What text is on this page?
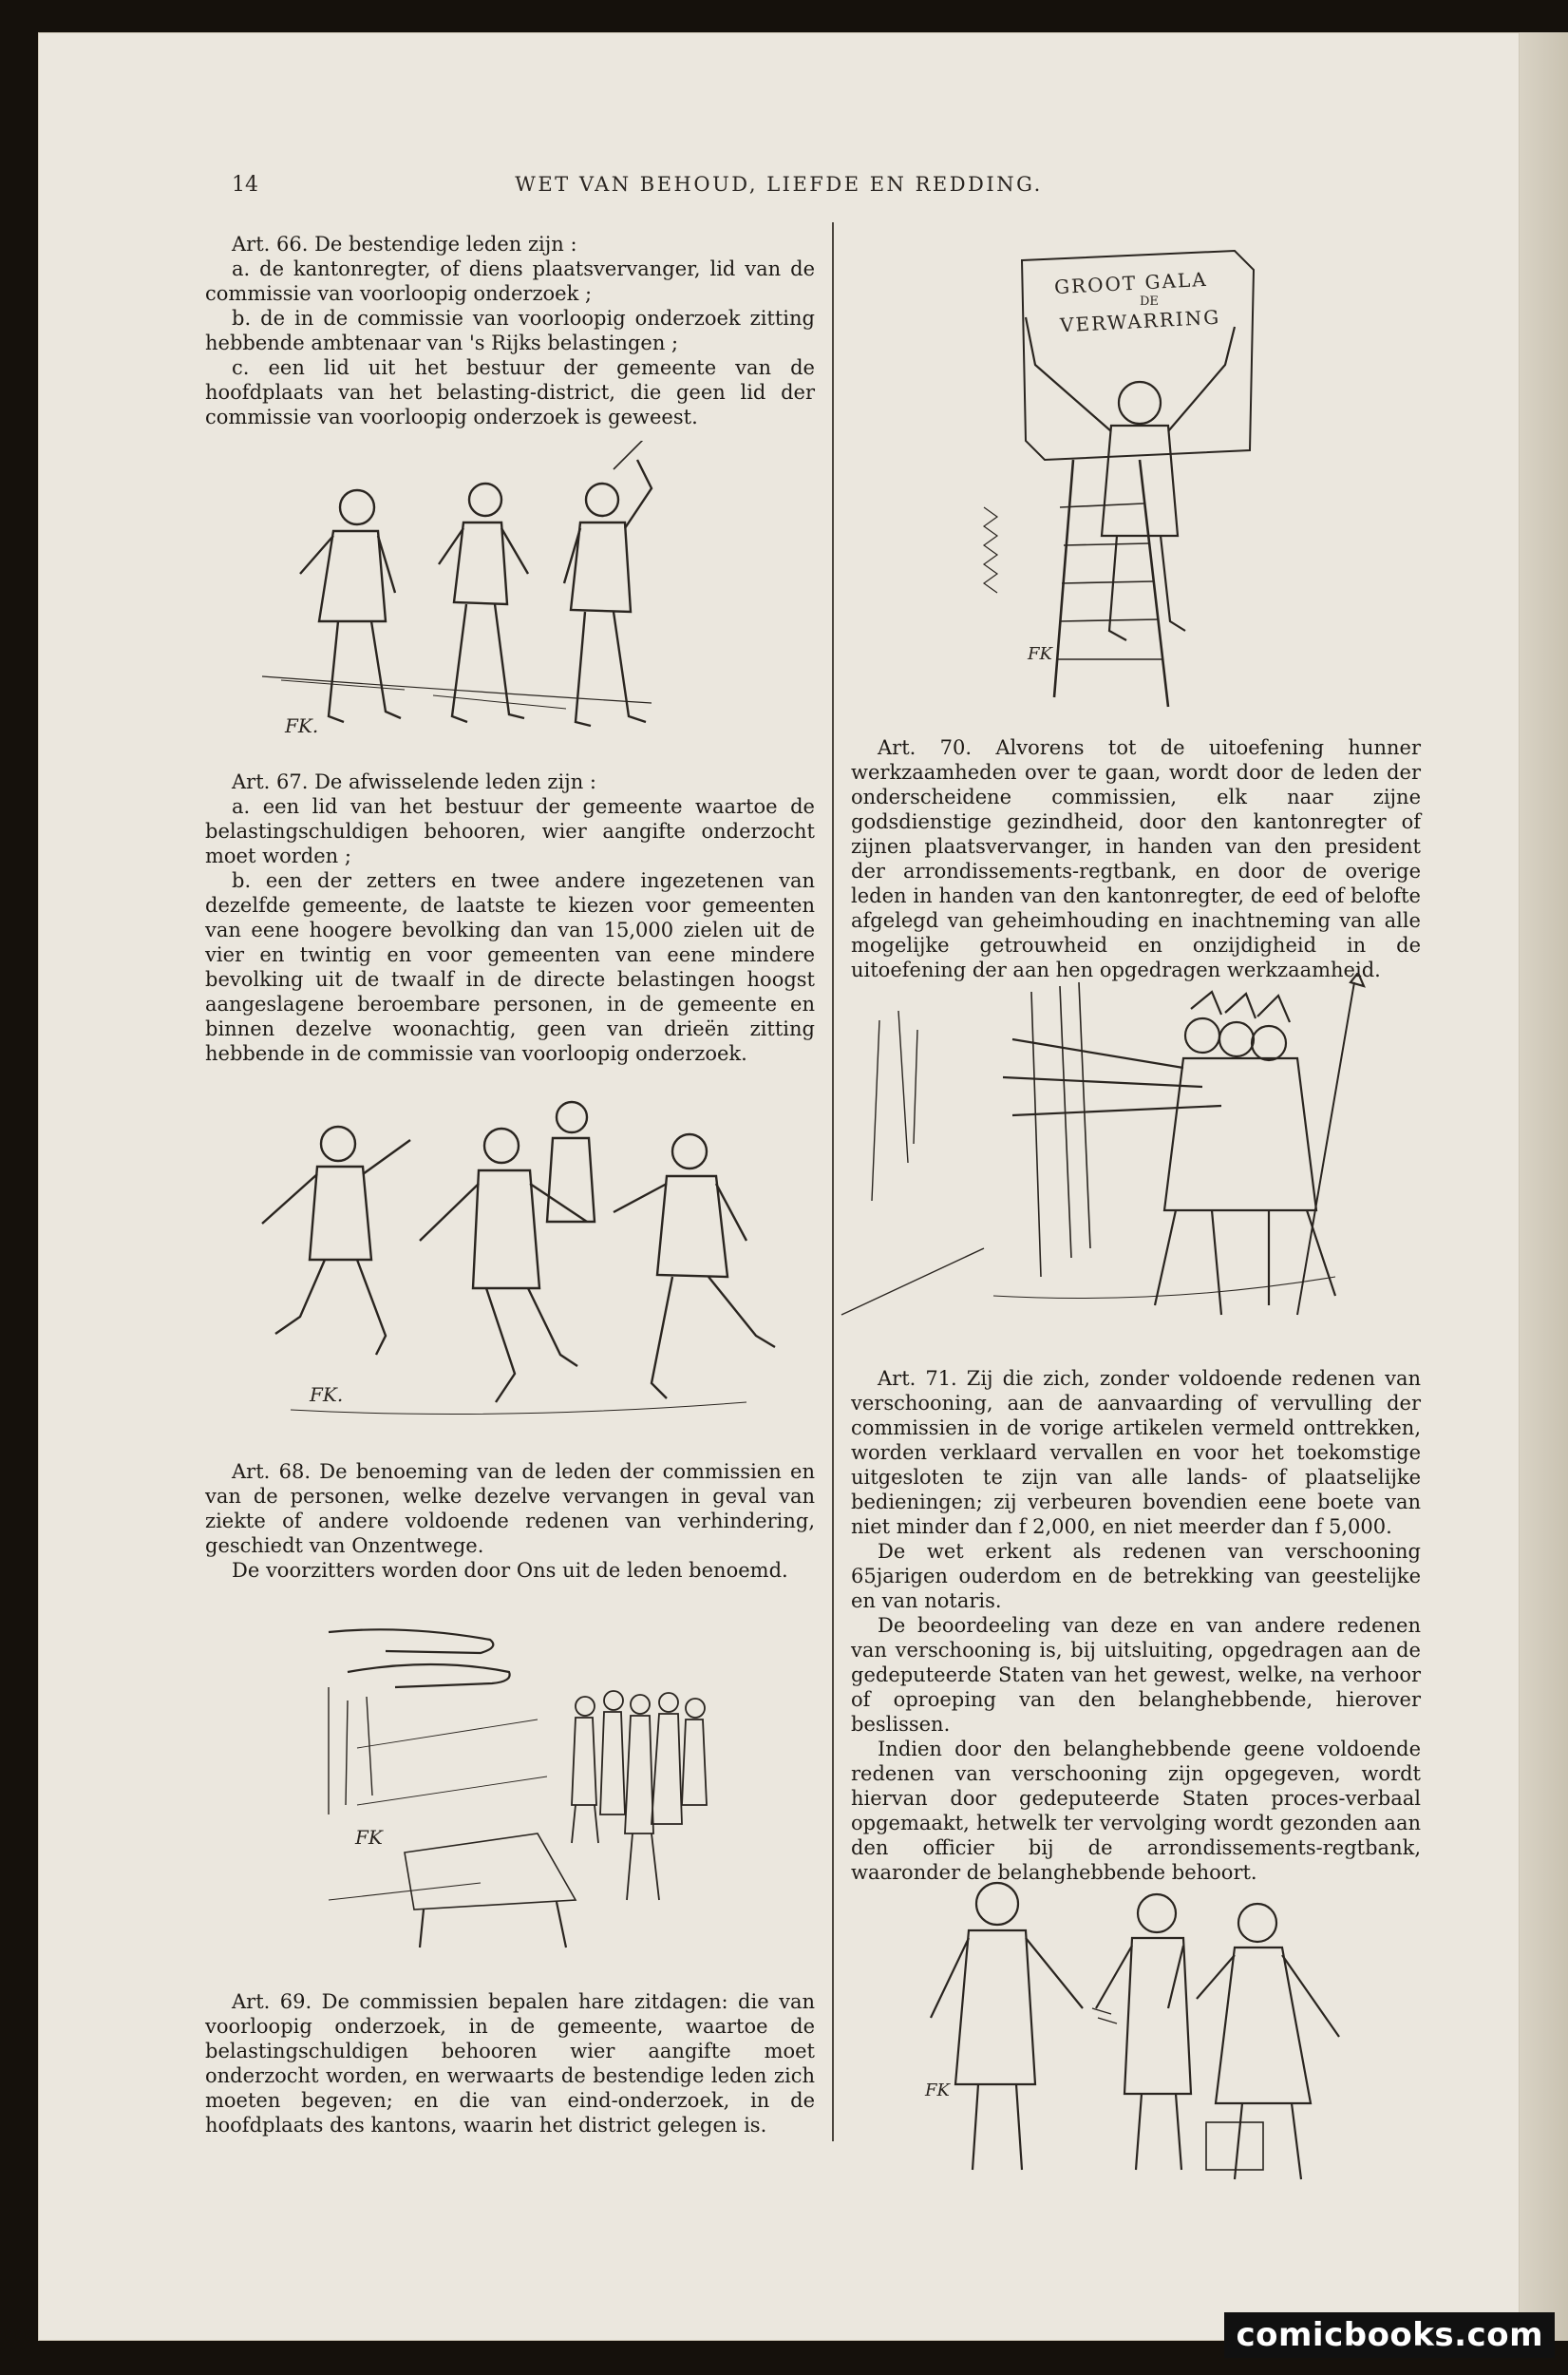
14	WET VAN BEHOUD, LIEFDE EN REDDING.

Art. 66. De bestendige leden zijn :

a. de kantonregter, of diens plaatsvervanger, lid van de commissie van voorloopig onderzoek ;

b. de in de commissie van voorloopig onderzoek zitting hebbende ambtenaar van 's Rijks belastingen ;

c. een lid uit het bestuur der gemeente van de hoofdplaats van het belasting-district, die geen lid der commissie van voorloopig onderzoek is geweest.

FK.

Art. 67. De afwisselende leden zijn :

a. een lid van het bestuur der gemeente waartoe de belastingschuldigen behooren, wier aangifte onderzocht moet worden ;

b. een der zetters en twee andere ingezetenen van dezelfde gemeente, de laatste te kiezen voor gemeenten van eene hoogere bevolking dan van 15,000 zielen uit de vier en twintig en voor gemeenten van eene mindere bevolking uit de twaalf in de directe belastingen hoogst aangeslagene beroembare personen, in de gemeente en binnen dezelve woonachtig, geen van drieën zitting hebbende in de commissie van voorloopig onderzoek.

FK.

Art. 68. De benoeming van de leden der commissien en van de personen, welke dezelve vervangen in geval van ziekte of andere voldoende redenen van verhindering, geschiedt van Onzentwege.

De voorzitters worden door Ons uit de leden benoemd.

FK

Art. 69. De commissien bepalen hare zitdagen: die van voorloopig onderzoek, in de gemeente, waartoe de belastingschuldigen behooren wier aangifte moet onderzocht worden, en werwaarts de bestendige leden zich moeten begeven; en die van eind-onderzoek, in de hoofdplaats des kantons, waarin het district gelegen is.

GROOT GALA
DE
VERWARRING
FK

Art. 70. Alvorens tot de uitoefening hunner werkzaamheden over te gaan, wordt door de leden der onderscheidene commissien, elk naar zijne godsdienstige gezindheid, door den kantonregter of zijnen plaatsvervanger, in handen van den president der arrondissements-regtbank, en door de overige leden in handen van den kantonregter, de eed of belofte afgelegd van geheimhouding en inachtneming van alle mogelijke getrouwheid en onzijdigheid in de uitoefening der aan hen opgedragen werkzaamheid.

Art. 71. Zij die zich, zonder voldoende redenen van verschooning, aan de aanvaarding of vervulling der commissien in de vorige artikelen vermeld onttrekken, worden verklaard vervallen en voor het toekomstige uitgesloten te zijn van alle lands- of plaatselijke bedieningen; zij verbeuren bovendien eene boete van niet minder dan f 2,000, en niet meerder dan f 5,000.

De wet erkent als redenen van verschooning 65jarigen ouderdom en de betrekking van geestelijke en van notaris.

De beoordeeling van deze en van andere redenen van verschooning is, bij uitsluiting, opgedragen aan de gedeputeerde Staten van het gewest, welke, na verhoor of oproeping van den belanghebbende, hierover beslissen.

Indien door den belanghebbende geene voldoende redenen van verschooning zijn opgegeven, wordt hiervan door gedeputeerde Staten proces-verbaal opgemaakt, hetwelk ter vervolging wordt gezonden aan den officier bij de arrondissements-regtbank, waaronder de belanghebbende behoort.

FK
comicbooks.com
